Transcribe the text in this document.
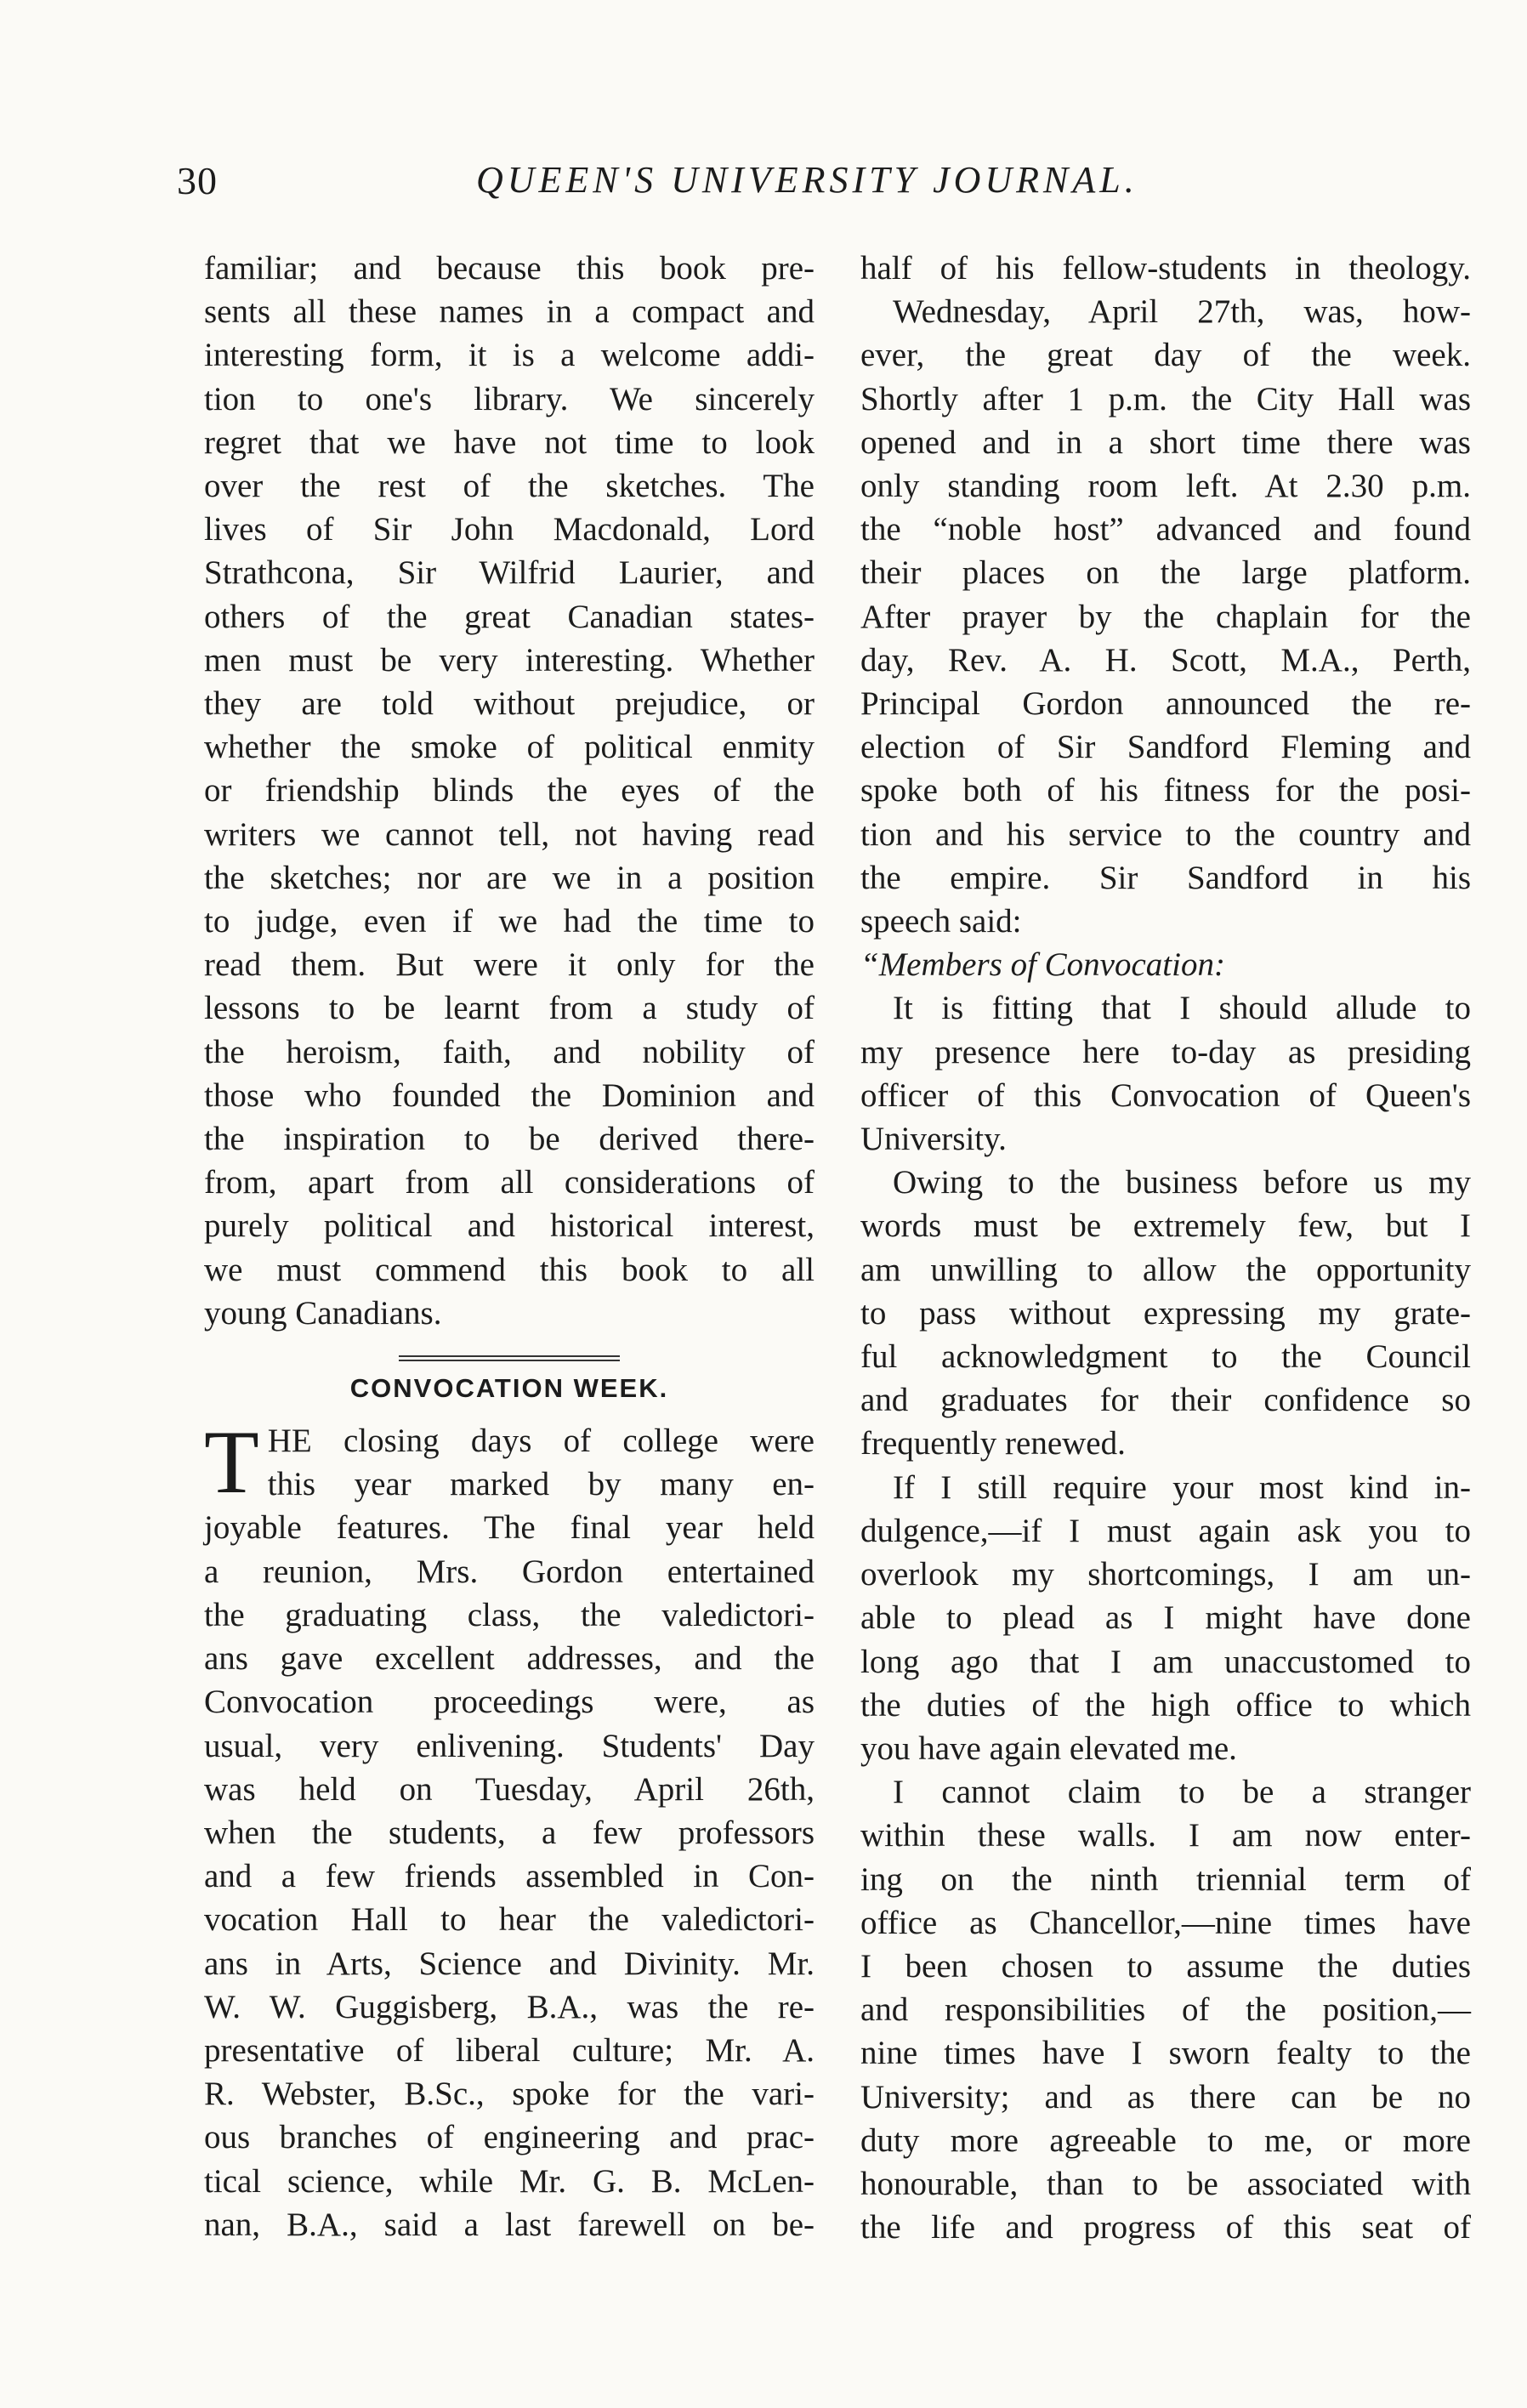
30	QUEEN'S UNIVERSITY JOURNAL.

familiar; and because this book pre-

sents all these names in a compact and

interesting form, it is a welcome addi-

tion to one's library. We sincerely

regret that we have not time to look

over the rest of the sketches. The

lives of Sir John Macdonald, Lord

Strathcona, Sir Wilfrid Laurier, and

others of the great Canadian states-

men must be very interesting. Whether

they are told without prejudice, or

whether the smoke of political enmity

or friendship blinds the eyes of the

writers we cannot tell, not having read

the sketches; nor are we in a position

to judge, even if we had the time to

read them. But were it only for the

lessons to be learnt from a study of

the heroism, faith, and nobility of

those who founded the Dominion and

the inspiration to be derived there-

from, apart from all considerations of

purely political and historical interest,

we must commend this book to all

young Canadians.

CONVOCATION WEEK.
T HE closing days of college were

this year marked by many en-

joyable features. The final year held

a reunion, Mrs. Gordon entertained

the graduating class, the valedictori-

ans gave excellent addresses, and the

Convocation proceedings were, as

usual, very enlivening. Students' Day

was held on Tuesday, April 26th,

when the students, a few professors

and a few friends assembled in Con-

vocation Hall to hear the valedictori-

ans in Arts, Science and Divinity. Mr.

W. W. Guggisberg, B.A., was the re-

presentative of liberal culture; Mr. A.

R. Webster, B.Sc., spoke for the vari-

ous branches of engineering and prac-

tical science, while Mr. G. B. McLen-

nan, B.A., said a last farewell on be-

half of his fellow-students in theology.

Wednesday, April 27th, was, how-

ever, the great day of the week.

Shortly after 1 p.m. the City Hall was

opened and in a short time there was

only standing room left. At 2.30 p.m.

the “noble host” advanced and found

their places on the large platform.

After prayer by the chaplain for the

day, Rev. A. H. Scott, M.A., Perth,

Principal Gordon announced the re-

election of Sir Sandford Fleming and

spoke both of his fitness for the posi-

tion and his service to the country and

the empire. Sir Sandford in his

speech said:

“Members of Convocation:

It is fitting that I should allude to

my presence here to-day as presiding

officer of this Convocation of Queen's

University.

Owing to the business before us my

words must be extremely few, but I

am unwilling to allow the opportunity

to pass without expressing my grate-

ful acknowledgment to the Council

and graduates for their confidence so

frequently renewed.

If I still require your most kind in-

dulgence,—if I must again ask you to

overlook my shortcomings, I am un-

able to plead as I might have done

long ago that I am unaccustomed to

the duties of the high office to which

you have again elevated me.

I cannot claim to be a stranger

within these walls. I am now enter-

ing on the ninth triennial term of

office as Chancellor,—nine times have

I been chosen to assume the duties

and responsibilities of the position,—

nine times have I sworn fealty to the

University; and as there can be no

duty more agreeable to me, or more

honourable, than to be associated with

the life and progress of this seat of
